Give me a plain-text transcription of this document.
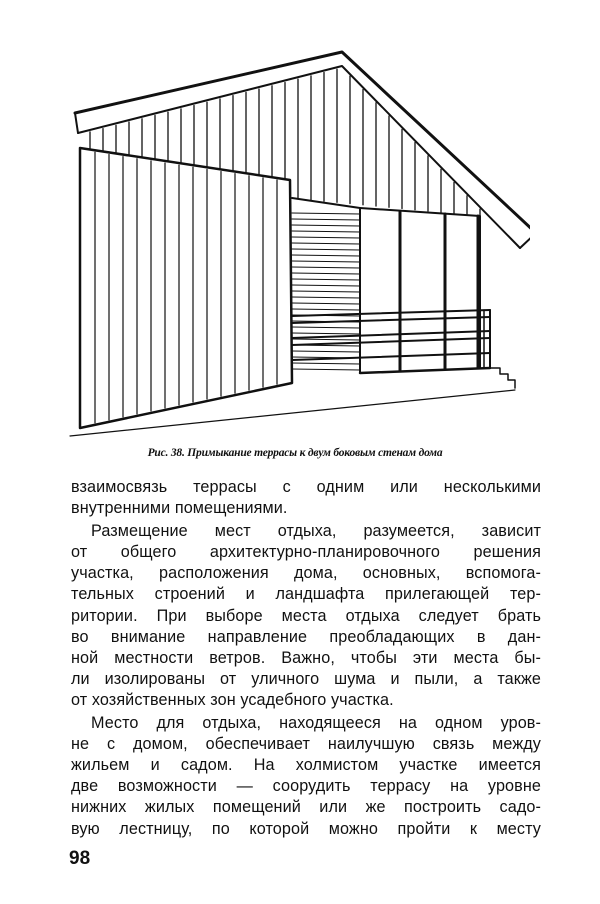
Рис. 38. Примыкание террасы к двум боковым стенам дома
взаимосвязь террасы с одним или несколькими
внутренними помещениями.
Размещение мест отдыха, разумеется, зависит
от общего архитектурно-планировочного решения
участка, расположения дома, основных, вспомога-
тельных строений и ландшафта прилегающей тер-
ритории. При выборе места отдыха следует брать
во внимание направление преобладающих в дан-
ной местности ветров. Важно, чтобы эти места бы-
ли изолированы от уличного шума и пыли, а также
от хозяйственных зон усадебного участка.
Место для отдыха, находящееся на одном уров-
не с домом, обеспечивает наилучшую связь между
жильем и садом. На холмистом участке имеется
две возможности — соорудить террасу на уровне
нижних жилых помещений или же построить садо-
вую лестницу, по которой можно пройти к месту
98
